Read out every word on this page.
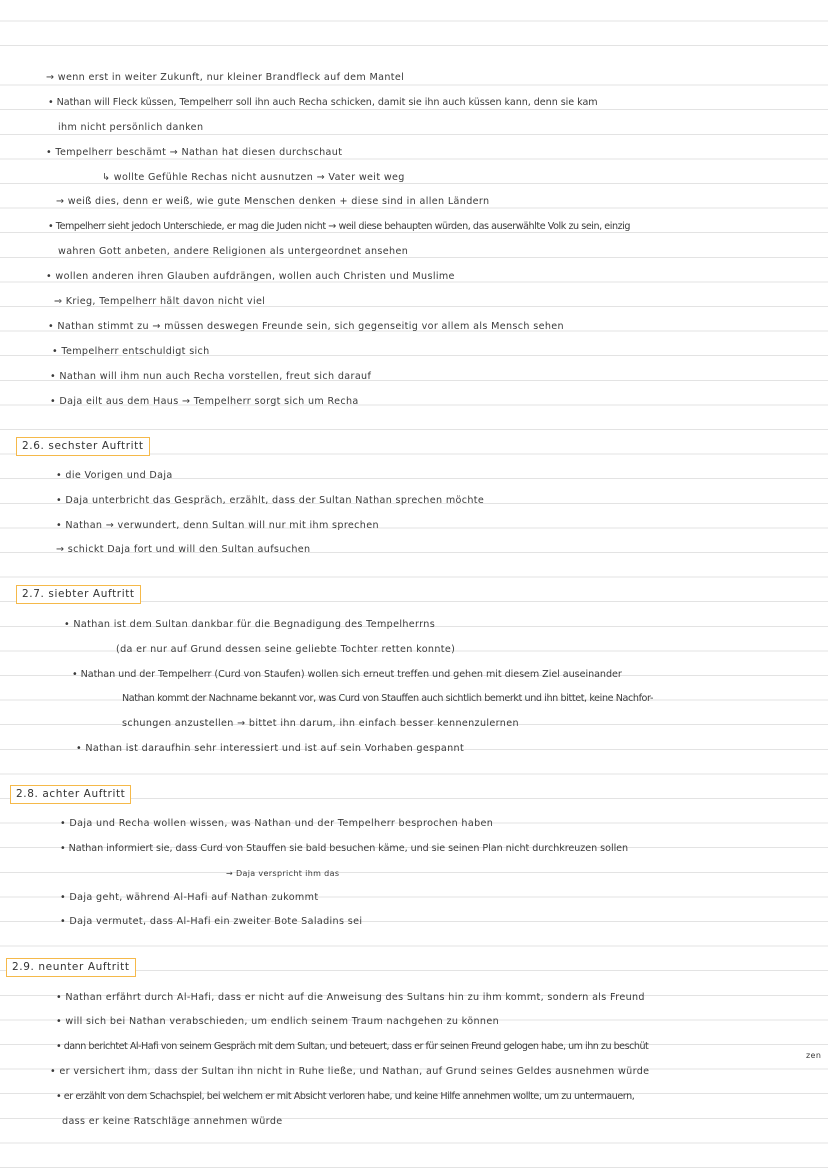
→ wenn erst in weiter Zukunft, nur kleiner Brandfleck auf dem Mantel
• Nathan will Fleck küssen, Tempelherr soll ihn auch Recha schicken, damit sie ihn auch küssen kann, denn sie kam
ihm nicht persönlich danken
• Tempelherr beschämt → Nathan hat diesen durchschaut
↳ wollte Gefühle Rechas nicht ausnutzen → Vater weit weg
→ weiß dies, denn er weiß, wie gute Menschen denken + diese sind in allen Ländern
• Tempelherr sieht jedoch Unterschiede, er mag die Juden nicht → weil diese behaupten würden, das auserwählte Volk zu sein, einzig
wahren Gott anbeten, andere Religionen als untergeordnet ansehen
• wollen anderen ihren Glauben aufdrängen, wollen auch Christen und Muslime
⇒ Krieg, Tempelherr hält davon nicht viel
• Nathan stimmt zu → müssen deswegen Freunde sein, sich gegenseitig vor allem als Mensch sehen
• Tempelherr entschuldigt sich
• Nathan will ihm nun auch Recha vorstellen, freut sich darauf
• Daja eilt aus dem Haus → Tempelherr sorgt sich um Recha
2.6. sechster Auftritt
• die Vorigen und Daja
• Daja unterbricht das Gespräch, erzählt, dass der Sultan Nathan sprechen möchte
• Nathan → verwundert, denn Sultan will nur mit ihm sprechen
→ schickt Daja fort und will den Sultan aufsuchen
2.7. siebter Auftritt
• Nathan ist dem Sultan dankbar für die Begnadigung des Tempelherrns
(da er nur auf Grund dessen seine geliebte Tochter retten konnte)
• Nathan und der Tempelherr (Curd von Staufen) wollen sich erneut treffen und gehen mit diesem Ziel auseinander
Nathan kommt der Nachname bekannt vor, was Curd von Stauffen auch sichtlich bemerkt und ihn bittet, keine Nachfor-
schungen anzustellen → bittet ihn darum, ihn einfach besser kennenzulernen
• Nathan ist daraufhin sehr interessiert und ist auf sein Vorhaben gespannt
2.8. achter Auftritt
• Daja und Recha wollen wissen, was Nathan und der Tempelherr besprochen haben
• Nathan informiert sie, dass Curd von Stauffen sie bald besuchen käme, und sie seinen Plan nicht durchkreuzen sollen
→ Daja verspricht ihm das
• Daja geht, während Al-Hafi auf Nathan zukommt
• Daja vermutet, dass Al-Hafi ein zweiter Bote Saladins sei
2.9. neunter Auftritt
• Nathan erfährt durch Al-Hafi, dass er nicht auf die Anweisung des Sultans hin zu ihm kommt, sondern als Freund
• will sich bei Nathan verabschieden, um endlich seinem Traum nachgehen zu können
• dann berichtet Al-Hafi von seinem Gespräch mit dem Sultan, und beteuert, dass er für seinen Freund gelogen habe, um ihn zu beschüt
zen
• er versichert ihm, dass der Sultan ihn nicht in Ruhe ließe, und Nathan, auf Grund seines Geldes ausnehmen würde
• er erzählt von dem Schachspiel, bei welchem er mit Absicht verloren habe, und keine Hilfe annehmen wollte, um zu untermauern,
dass er keine Ratschläge annehmen würde
